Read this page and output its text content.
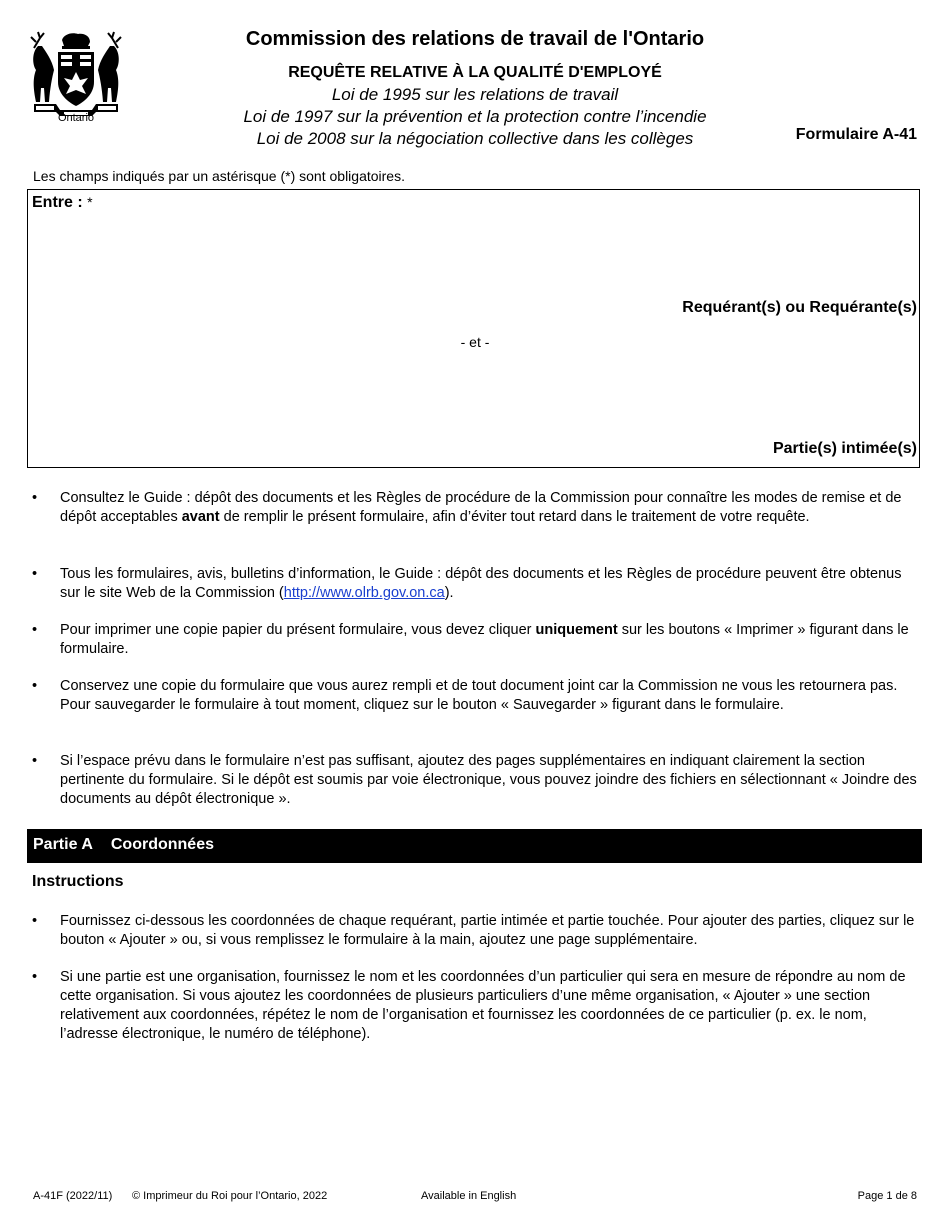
Ontario
Commission des relations de travail de l'Ontario
REQUÊTE RELATIVE À LA QUALITÉ D'EMPLOYÉ
Loi de 1995 sur les relations de travail
Loi de 1997 sur la prévention et la protection contre l’incendie
Loi de 2008 sur la négociation collective dans les collèges	Formulaire A-41
Les champs indiqués par un astérisque (*) sont obligatoires.
Entre : *
Requérant(s) ou Requérante(s)
- et -
Partie(s) intimée(s)
•	Consultez le Guide : dépôt des documents et les Règles de procédure de la Commission pour connaître les modes de remise et de dépôt acceptables avant de remplir le présent formulaire, afin d’éviter tout retard dans le traitement de votre requête.
•	Tous les formulaires, avis, bulletins d’information, le Guide : dépôt des documents et les Règles de procédure peuvent être obtenus sur le site Web de la Commission (http://www.olrb.gov.on.ca).
•	Pour imprimer une copie papier du présent formulaire, vous devez cliquer uniquement sur les boutons « Imprimer » figurant dans le formulaire.
•	Conservez une copie du formulaire que vous aurez rempli et de tout document joint car la Commission ne vous les retournera pas. Pour sauvegarder le formulaire à tout moment, cliquez sur le bouton « Sauvegarder » figurant dans le formulaire.
•	Si l’espace prévu dans le formulaire n’est pas suffisant, ajoutez des pages supplémentaires en indiquant clairement la section pertinente du formulaire. Si le dépôt est soumis par voie électronique, vous pouvez joindre des fichiers en sélectionnant « Joindre des documents au dépôt électronique ».
Partie A Coordonnées
Instructions
•	Fournissez ci-dessous les coordonnées de chaque requérant, partie intimée et partie touchée. Pour ajouter des parties, cliquez sur le bouton « Ajouter » ou, si vous remplissez le formulaire à la main, ajoutez une page supplémentaire.
•	Si une partie est une organisation, fournissez le nom et les coordonnées d’un particulier qui sera en mesure de répondre au nom de cette organisation. Si vous ajoutez les coordonnées de plusieurs particuliers d’une même organisation, « Ajouter » une section relativement aux coordonnées, répétez le nom de l’organisation et fournissez les coordonnées de ce particulier (p. ex. le nom, l’adresse électronique, le numéro de téléphone).
A-41F (2022/11) © Imprimeur du Roi pour l’Ontario, 2022	Available in English	Page 1 de 8
